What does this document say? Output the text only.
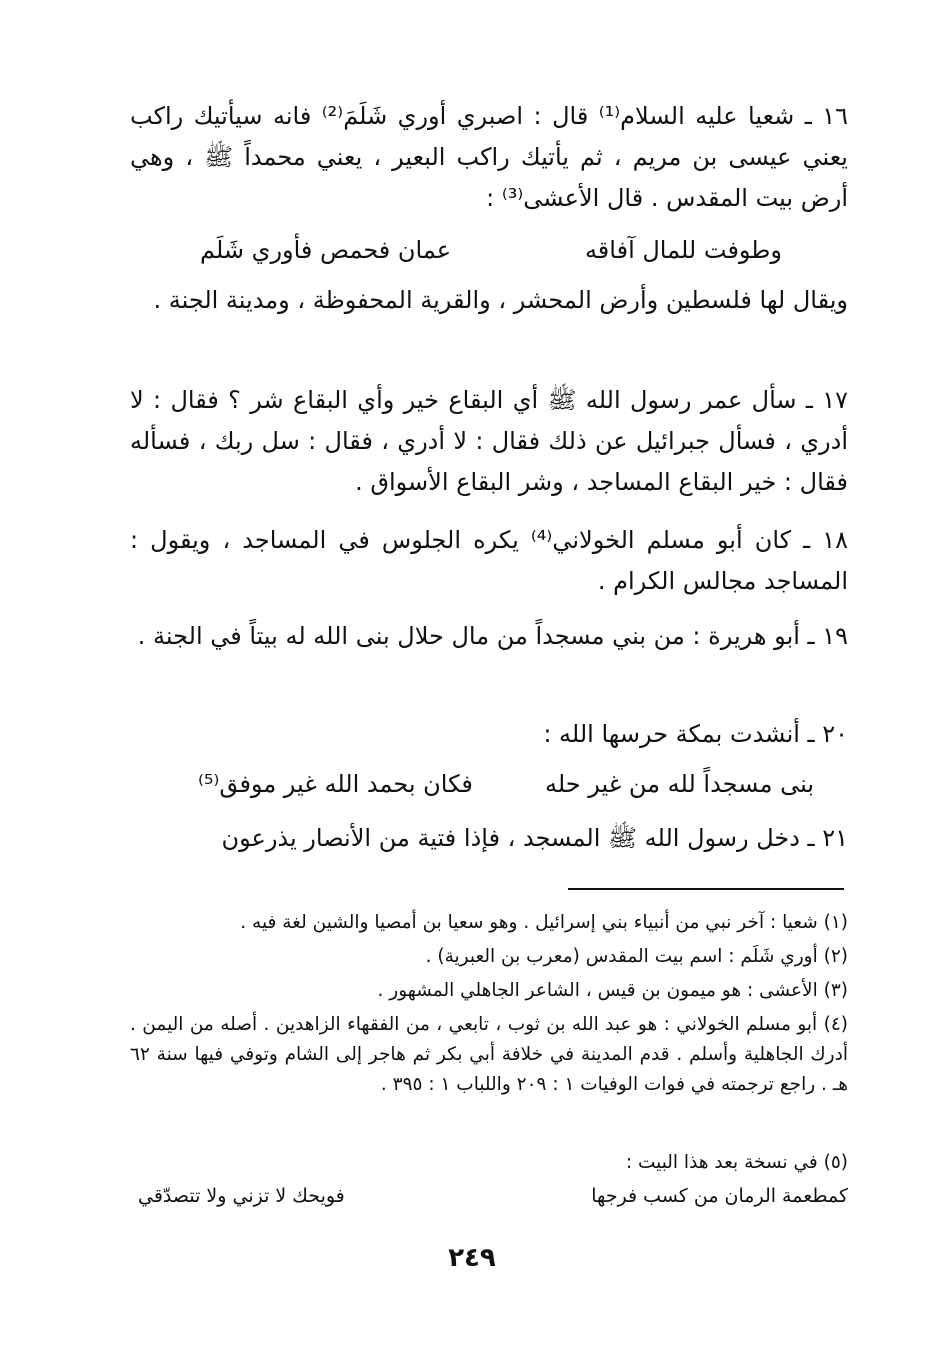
١٦ ـ شعيا عليه السلام⁽¹⁾ قال : اصبري أوري شَلَمَ⁽²⁾ فانه سيأتيك راكب يعني عيسى بن مريم ، ثم يأتيك راكب البعير ، يعني محمداً ﷺ ، وهي أرض بيت المقدس . قال الأعشى⁽³⁾ :

وطوفت للمال آفاقه
عمان فحمص فأوري شَلَم

ويقال لها فلسطين وأرض المحشر ، والقرية المحفوظة ، ومدينة الجنة .

١٧ ـ سأل عمر رسول الله ﷺ أي البقاع خير وأي البقاع شر ؟ فقال : لا أدري ، فسأل جبرائيل عن ذلك فقال : لا أدري ، فقال : سل ربك ، فسأله فقال : خير البقاع المساجد ، وشر البقاع الأسواق .

١٨ ـ كان أبو مسلم الخولاني⁽⁴⁾ يكره الجلوس في المساجد ، ويقول : المساجد مجالس الكرام .

١٩ ـ أبو هريرة : من بني مسجداً من مال حلال بنى الله له بيتاً في الجنة .

٢٠ ـ أنشدت بمكة حرسها الله :

بنى مسجداً لله من غير حله
فكان بحمد الله غير موفق⁽⁵⁾

٢١ ـ دخل رسول الله ﷺ المسجد ، فإذا فتية من الأنصار يذرعون

(١) شعيا : آخر نبي من أنبياء بني إسرائيل . وهو سعيا بن أمصيا والشين لغة فيه .

(٢) أوري شَلَم : اسم بيت المقدس (معرب بن العبرية) .

(٣) الأعشى : هو ميمون بن قيس ، الشاعر الجاهلي المشهور .

(٤) أبو مسلم الخولاني : هو عبد الله بن ثوب ، تابعي ، من الفقهاء الزاهدين . أصله من اليمن . أدرك الجاهلية وأسلم . قدم المدينة في خلافة أبي بكر ثم هاجر إلى الشام وتوفي فيها سنة ٦٢ هـ . راجع ترجمته في فوات الوفيات ١ : ٢٠٩ واللباب ١ : ٣٩٥ .

(٥) في نسخة بعد هذا البيت :

كمطعمة الرمان من كسب فرجها
فويحك لا تزني ولا تتصدّقي
٢٤٩
